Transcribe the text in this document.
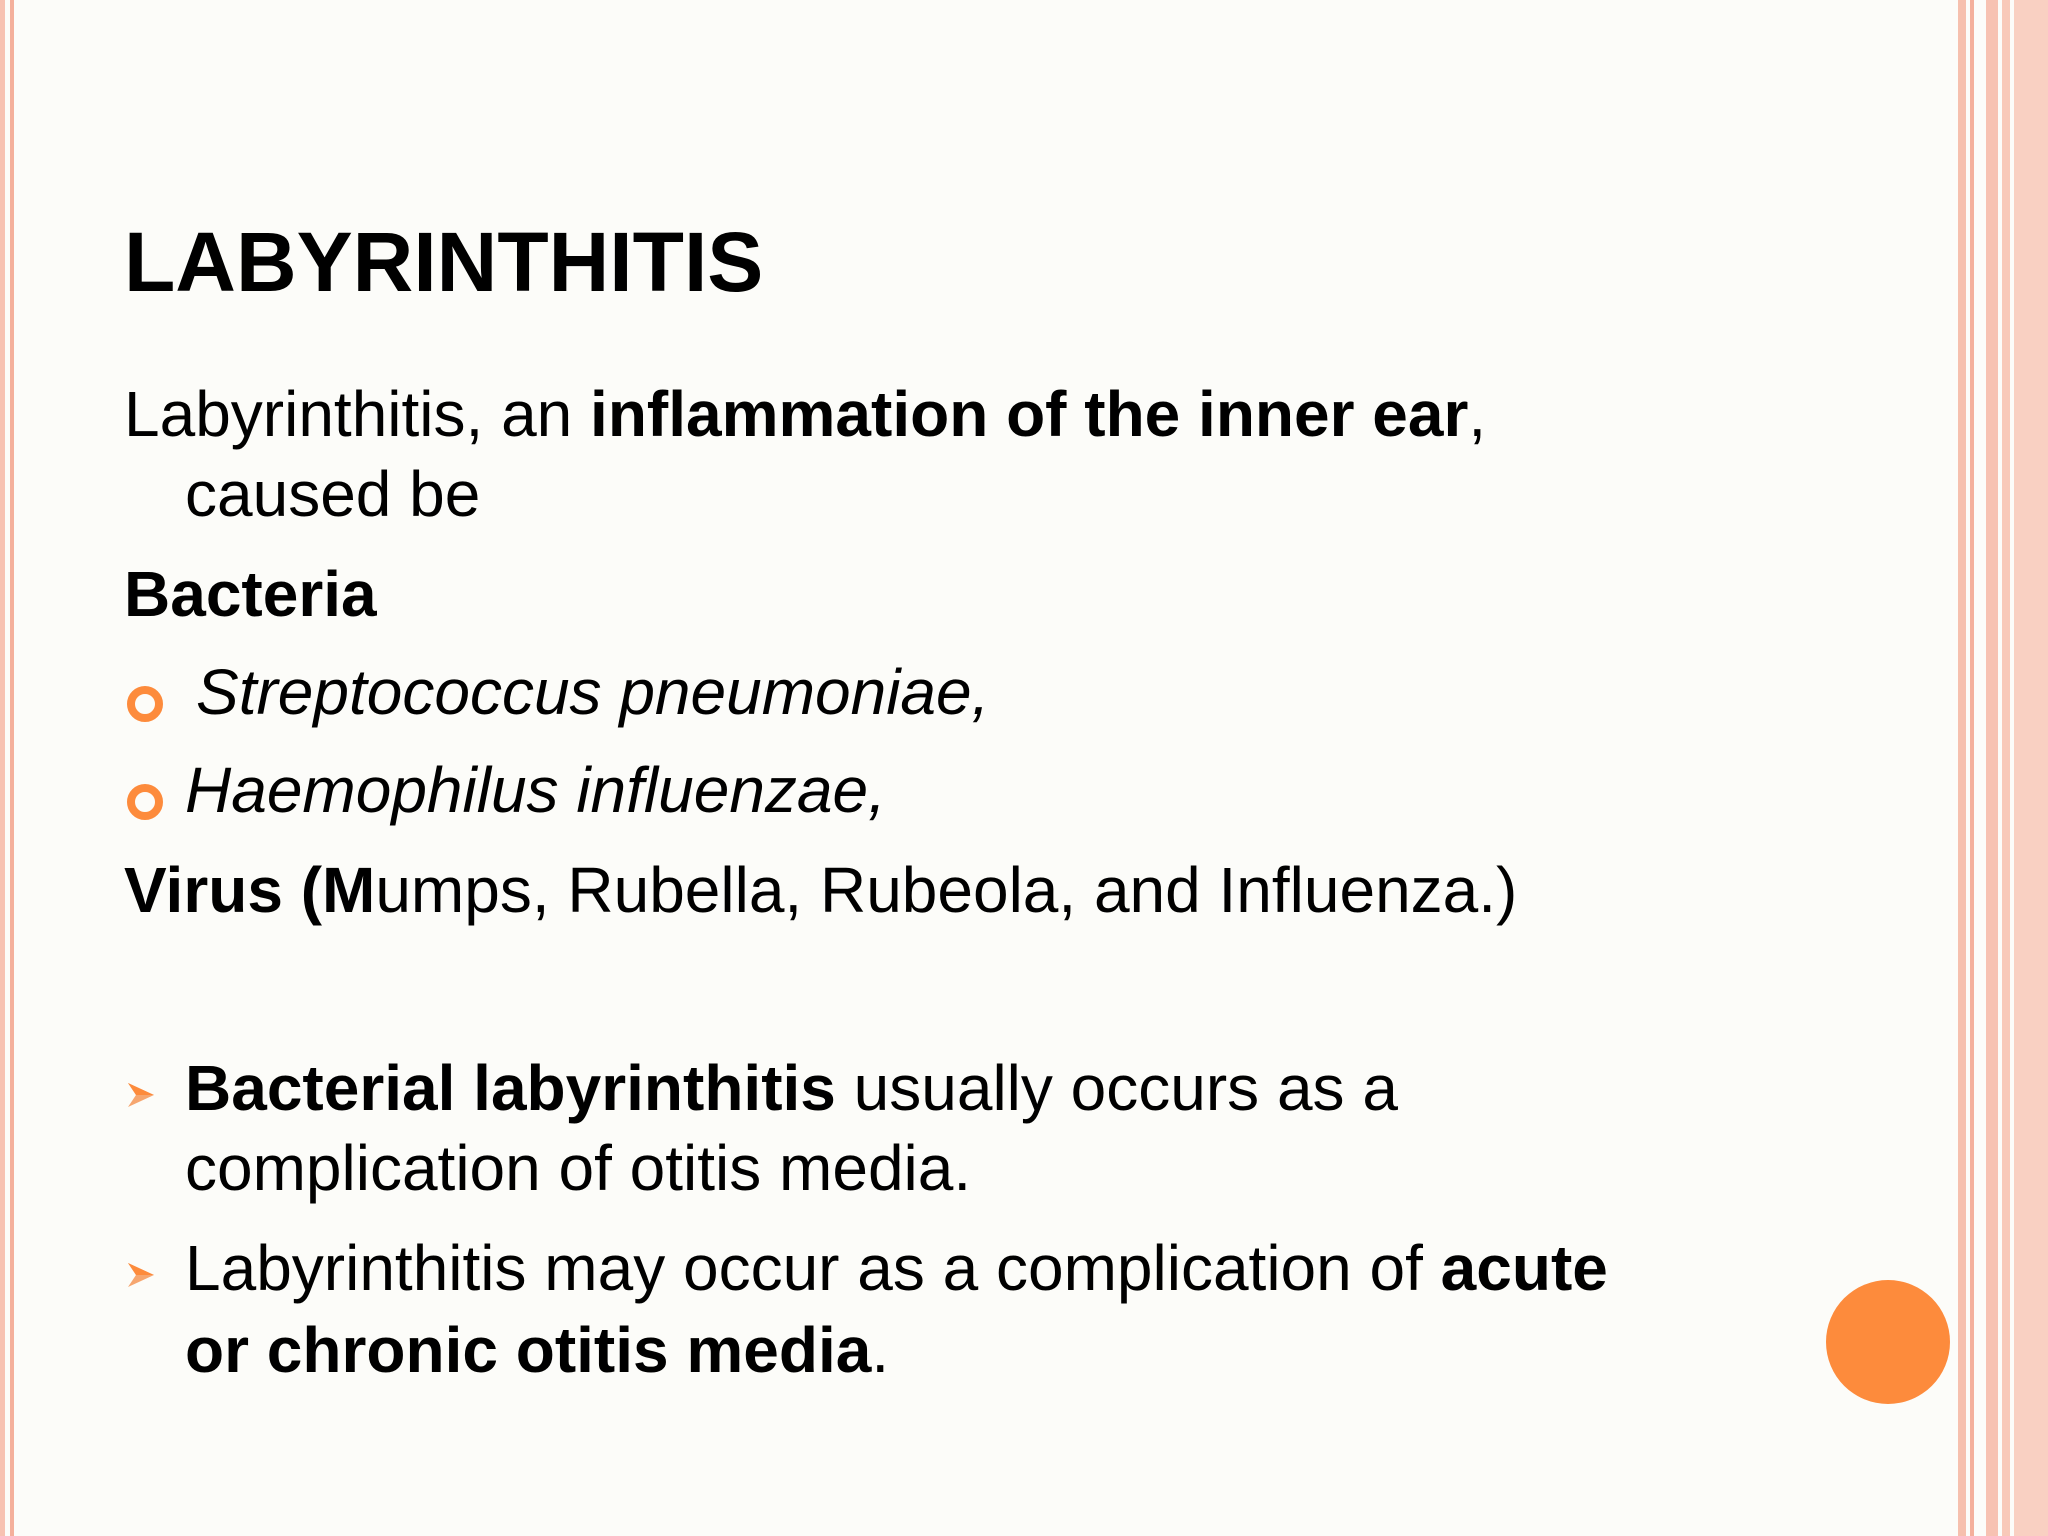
LABYRINTHITIS

Labyrinthitis, an inflammation of the inner ear,

caused be

Bacteria

Streptococcus pneumoniae,

Haemophilus influenzae,

Virus (Mumps, Rubella, Rubeola, and Influenza.)

Bacterial labyrinthitis usually occurs as a

complication of otitis media.

Labyrinthitis may occur as a complication of acute

or chronic otitis media.
